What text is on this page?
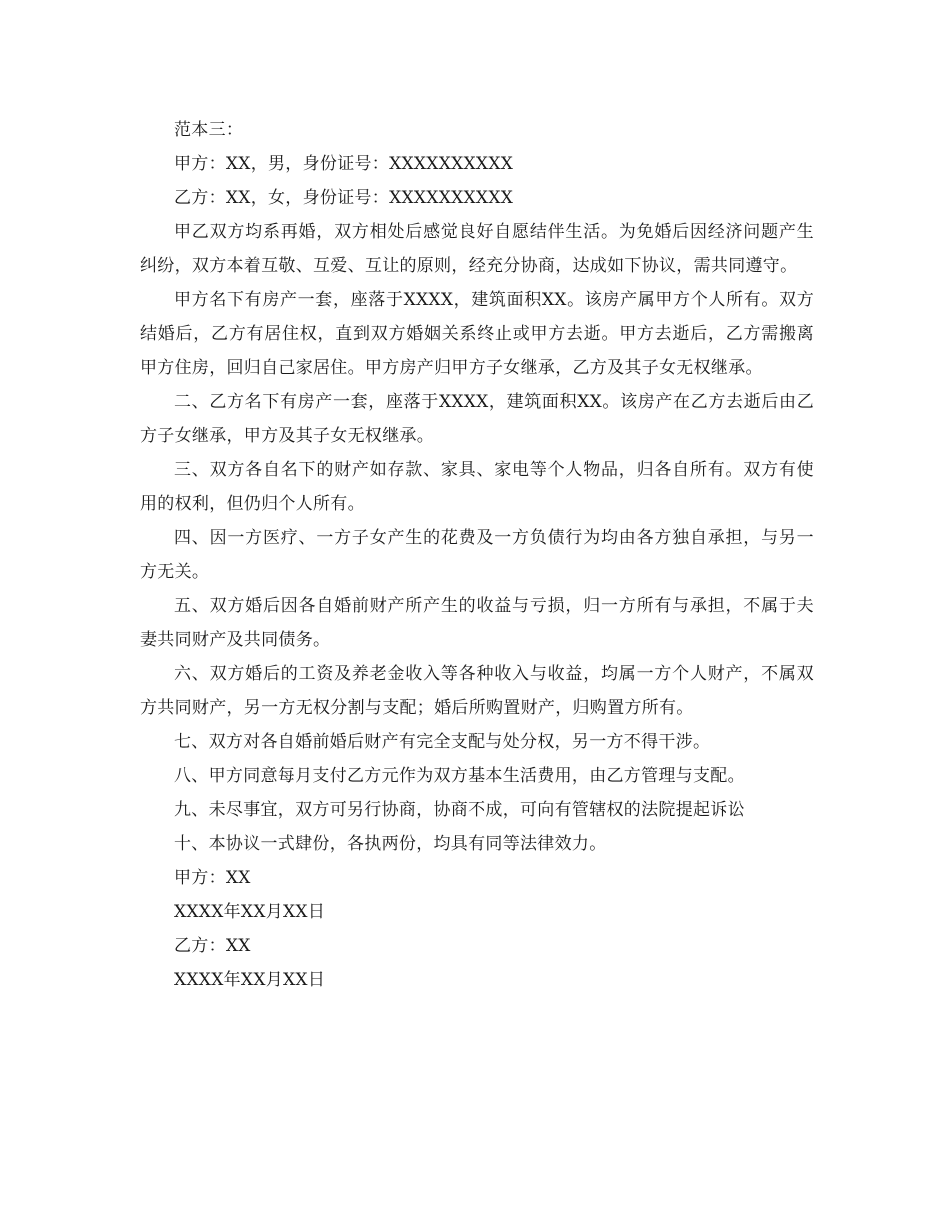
范本三：

甲方：XX，男，身份证号：XXXXXXXXXX

乙方：XX，女，身份证号：XXXXXXXXXX

甲乙双方均系再婚，双方相处后感觉良好自愿结伴生活。为免婚后因经济问题产生纠纷，双方本着互敬、互爱、互让的原则，经充分协商，达成如下协议，需共同遵守。

甲方名下有房产一套，座落于XXXX，建筑面积XX。该房产属甲方个人所有。双方结婚后，乙方有居住权，直到双方婚姻关系终止或甲方去逝。甲方去逝后，乙方需搬离甲方住房，回归自己家居住。甲方房产归甲方子女继承，乙方及其子女无权继承。

二、乙方名下有房产一套，座落于XXXX，建筑面积XX。该房产在乙方去逝后由乙方子女继承，甲方及其子女无权继承。

三、双方各自名下的财产如存款、家具、家电等个人物品，归各自所有。双方有使用的权利，但仍归个人所有。

四、因一方医疗、一方子女产生的花费及一方负债行为均由各方独自承担，与另一方无关。

五、双方婚后因各自婚前财产所产生的收益与亏损，归一方所有与承担，不属于夫妻共同财产及共同债务。

六、双方婚后的工资及养老金收入等各种收入与收益，均属一方个人财产，不属双方共同财产，另一方无权分割与支配；婚后所购置财产，归购置方所有。

七、双方对各自婚前婚后财产有完全支配与处分权，另一方不得干涉。

八、甲方同意每月支付乙方元作为双方基本生活费用，由乙方管理与支配。

九、未尽事宜，双方可另行协商，协商不成，可向有管辖权的法院提起诉讼

十、本协议一式肆份，各执两份，均具有同等法律效力。

甲方：XX

XXXX年XX月XX日

乙方：XX

XXXX年XX月XX日
